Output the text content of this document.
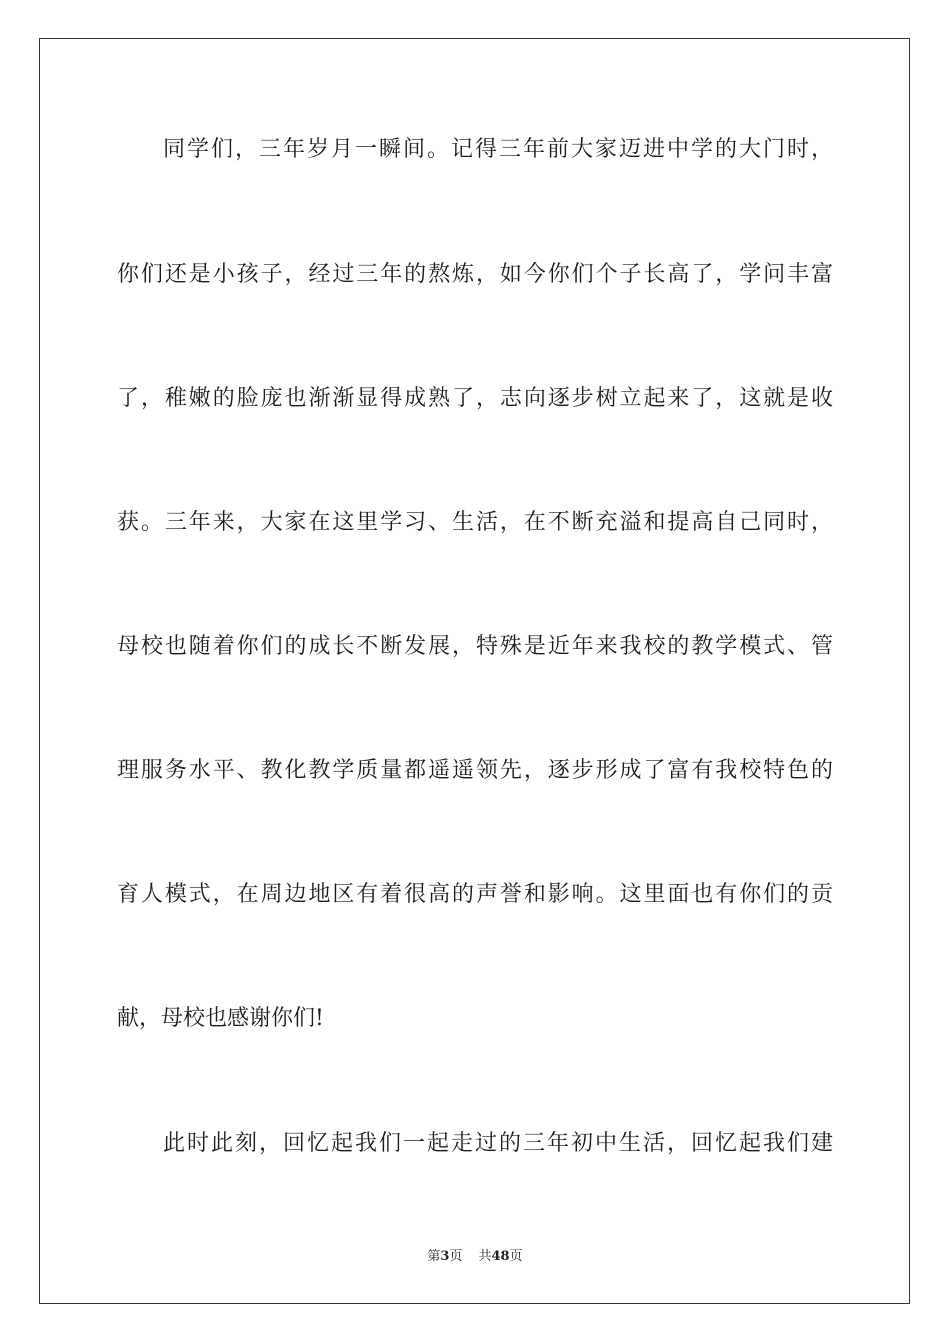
同学们，三年岁月一瞬间。记得三年前大家迈进中学的大门时，
你们还是小孩子，经过三年的熬炼，如今你们个子长高了，学问丰富
了，稚嫩的脸庞也渐渐显得成熟了，志向逐步树立起来了，这就是收
获。三年来，大家在这里学习、生活，在不断充溢和提高自己同时，
母校也随着你们的成长不断发展，特殊是近年来我校的教学模式、管
理服务水平、教化教学质量都遥遥领先，逐步形成了富有我校特色的
育人模式，在周边地区有着很高的声誉和影响。这里面也有你们的贡
献，母校也感谢你们!
此时此刻，回忆起我们一起走过的三年初中生活，回忆起我们建
第3页 共48页
